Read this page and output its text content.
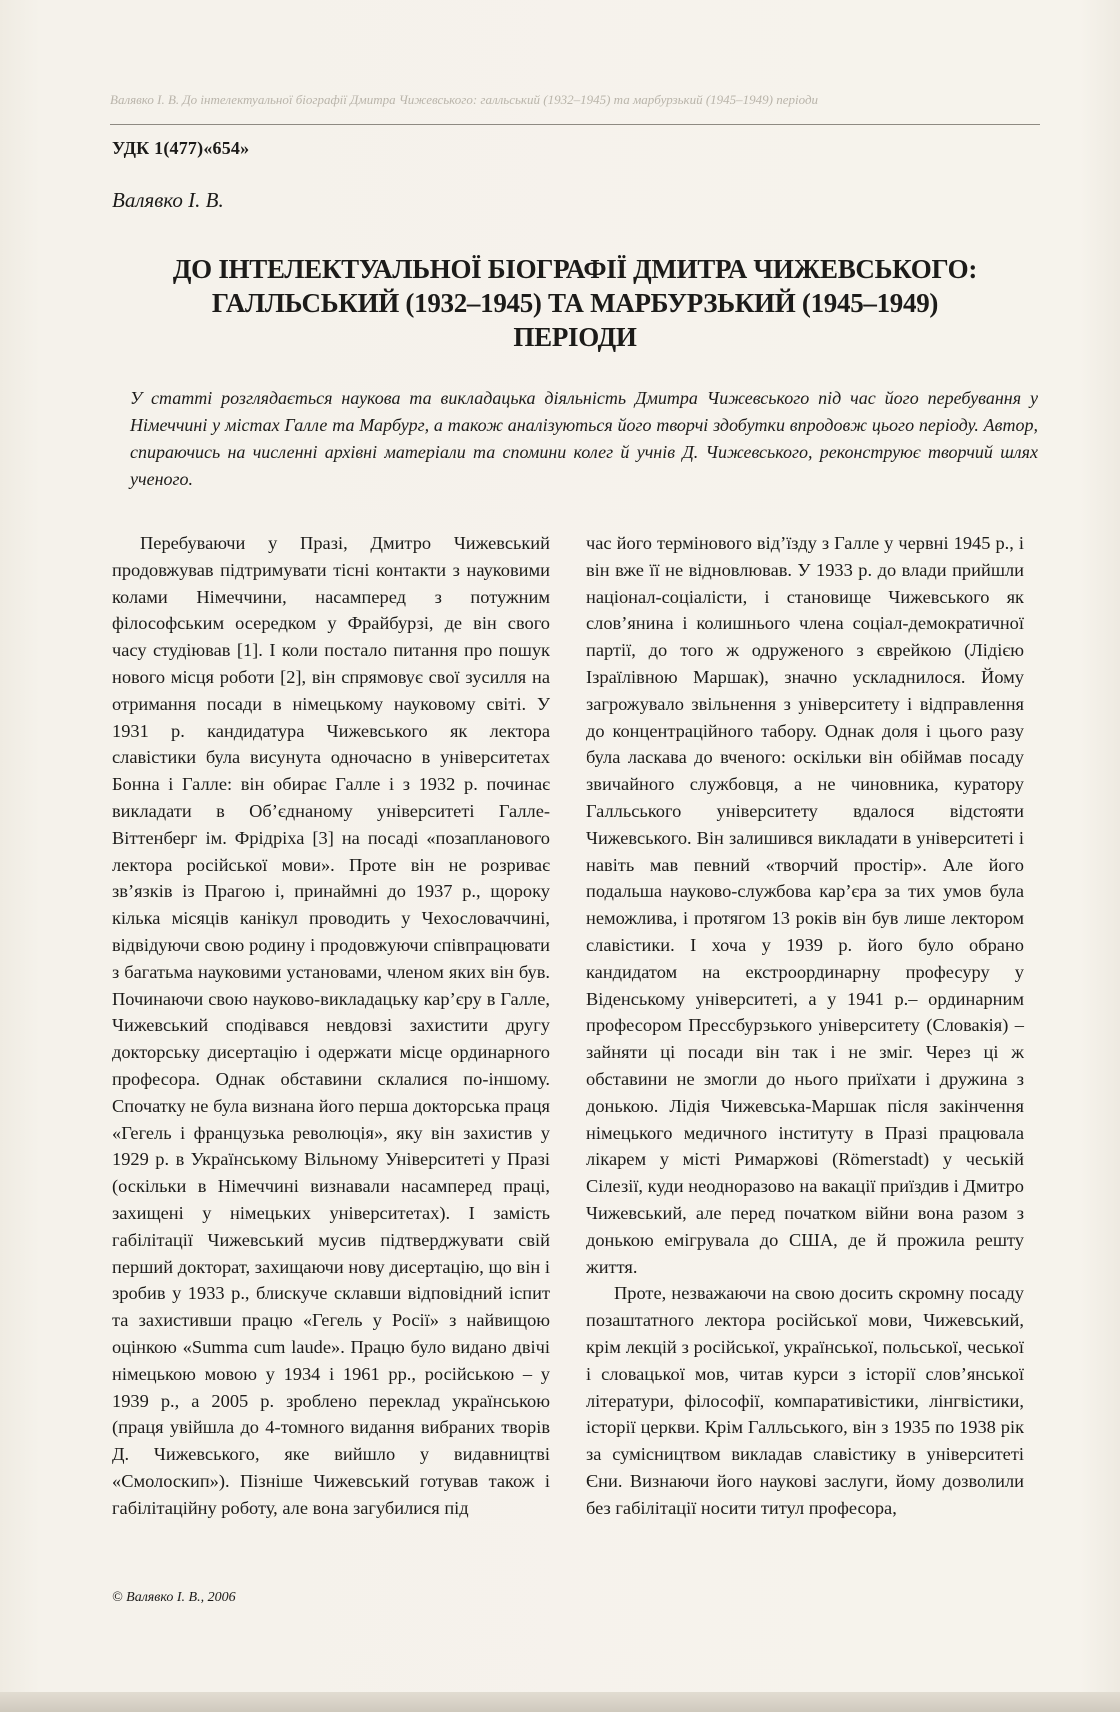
Валявко І. В. До інтелектуальної біографії Дмитра Чижевського: галльський (1932–1945) та марбурзький (1945–1949) періоди
УДК 1(477)«654»
Валявко І. В.
ДО ІНТЕЛЕКТУАЛЬНОЇ БІОГРАФІЇ ДМИТРА ЧИЖЕВСЬКОГО:
ГАЛЛЬСЬКИЙ (1932–1945) ТА МАРБУРЗЬКИЙ (1945–1949)
ПЕРІОДИ
У статті розглядається наукова та викладацька діяльність Дмитра Чижевського під час його перебування у Німеччині у містах Галле та Марбург, а також аналізуються його творчі здобутки впродовж цього періоду. Автор, спираючись на численні архівні матеріали та спомини колег й учнів Д. Чижевського, реконструює творчий шлях ученого.

Перебуваючи у Празі, Дмитро Чижевський продовжував підтримувати тісні контакти з науковими колами Німеччини, насамперед з потужним філософським осередком у Фрайбурзі, де він свого часу студіював [1]. І коли постало питання про пошук нового місця роботи [2], він спрямовує свої зусилля на отримання посади в німецькому науковому світі. У 1931 р. кандидатура Чижевського як лектора славістики була висунута одночасно в університетах Бонна і Галле: він обирає Галле і з 1932 р. починає викладати в Об’єднаному університеті Галле-Віттенберг ім. Фрідріха [3] на посаді «позапланового лектора російської мови». Проте він не розриває зв’язків із Прагою і, принаймні до 1937 р., щороку кілька місяців канікул проводить у Чехословаччині, відвідуючи свою родину і продовжуючи співпрацювати з багатьма науковими установами, членом яких він був. Починаючи свою науково-викладацьку кар’єру в Галле, Чижевський сподівався невдовзі захистити другу докторську дисертацію і одержати місце ординарного професора. Однак обставини склалися по-іншому. Спочатку не була визнана його перша докторська праця «Гегель і французька революція», яку він захистив у 1929 р. в Українському Вільному Університеті у Празі (оскільки в Німеччині визнавали насамперед праці, захищені у німецьких університетах). І замість габілітації Чижевський мусив підтверджувати свій перший докторат, захищаючи нову дисертацію, що він і зробив у 1933 р., блискуче склавши відповідний іспит та захистивши працю «Гегель у Росії» з найвищою оцінкою «Summa cum laude». Працю було видано двічі німецькою мовою у 1934 і 1961 рр., російською – у 1939 р., а 2005 р. зроблено переклад українською (праця увійшла до 4-томного видання вибраних творів Д. Чижевського, яке вийшло у видавництві «Смолоскип»). Пізніше Чижевський готував також і габілітаційну роботу, але вона загубилися під

час його термінового від’їзду з Галле у червні 1945 р., і він вже її не відновлював. У 1933 р. до влади прийшли націонал-соціалісти, і становище Чижевського як слов’янина і колишнього члена соціал-демократичної партії, до того ж одруженого з єврейкою (Лідією Ізраїлівною Маршак), значно ускладнилося. Йому загрожувало звільнення з університету і відправлення до концентраційного табору. Однак доля і цього разу була ласкава до вченого: оскільки він обіймав посаду звичайного службовця, а не чиновника, куратору Галльського університету вдалося відстояти Чижевського. Він залишився викладати в університеті і навіть мав певний «творчий простір». Але його подальша науково-службова кар’єра за тих умов була неможлива, і протягом 13 років він був лише лектором славістики. І хоча у 1939 р. його було обрано кандидатом на екстроординарну професуру у Віденському університеті, а у 1941 р.– ординарним професором Пресcбурзького університету (Словакія) – зайняти ці посади він так і не зміг. Через ці ж обставини не змогли до нього приїхати і дружина з донькою. Лідія Чижевська-Маршак після закінчення німецького медичного інституту в Празі працювала лікарем у місті Римаржові (Römerstadt) у чеській Сілезії, куди неодноразово на вакації приїздив і Дмитро Чижевський, але перед початком війни вона разом з донькою емігрувала до США, де й прожила решту життя.

Проте, незважаючи на свою досить скромну посаду позаштатного лектора російської мови, Чижевський, крім лекцій з російської, української, польської, чеської і словацької мов, читав курси з історії слов’янської літератури, філософії, компаративістики, лінгвістики, історії церкви. Крім Галльського, він з 1935 по 1938 рік за сумісництвом викладав славістику в університеті Єни. Визнаючи його наукові заслуги, йому дозволили без габілітації носити титул професора,

© Валявко І. В., 2006
